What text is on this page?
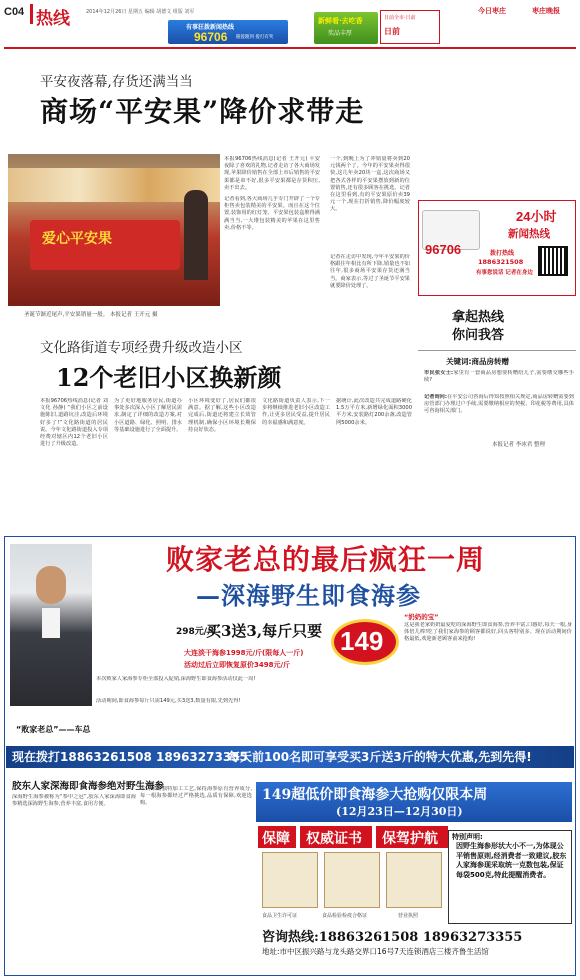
C04 热线	2014年12月26日 星期五 编辑 胡德文 组版 刘军
有事狂拨新闻热线
96706 随拨随到 拨打有奖
新鲜看·去吃香
奖品丰厚
日前全市·日前
日前
今日枣庄	枣庄晚报
平安夜落幕,存货还满当当
商场“平安果”降价求带走
爱心平安果
圣诞节渐近尾声,平安果销量一般。 本报记者 王开元 摄
本报96706热线消息(记者 王开元) 平安夜除了喜欢的礼物,记者走访了各大商场发现,苹果降价销售在全部上市后销售的平安果都是串不好,很多平安果都是存货积压,卖不出去。
记者看到,各大商场几乎专门开辟了一个专柜售卖包装精美的平安果。而且在这个位置,装饰用的红灯笼、平安果包装盒堆得满满当当,一大堆包装精美的苹果在这里售卖,价格不等。
一个,到晚上为了冲销量将卖到20元钱两个了。今年的平安果卖得很快,这几年卖20块一盒,这次商场又把各式各样的平安果摆放到新的位置销售,还有很多顾客在挑选。记者在这里看到,有的平安果原价卖39元一个,现在打折销售,降价幅度较大。
记者在走访中发现,今年平安果的价格跟往年相比有所下降,销量也不如往年,很多商场平安果存货还满当当。商家表示,等过了圣诞节平安果就要降价处理了。
96706
24小时
新闻热线
拨打热线
1886321508
有事您说话 记者在身边
拿起热线
你问我答
关键词:商品房转赠
市民张女士:家里有一套商品房想要转赠给儿子,需要缴交哪些手续?
记者询问:在平安公司咨询后得知按照相关规定,商品房转赠需要到房管部门办理过户手续,需要缴纳相应的契税、印花税等费用,具体可咨询相关部门。
本报记者 李冰君 整理
文化路街道专项经费升级改造小区
12个老旧小区换新颜
本报96706热线消息(记者 刘文化 孙静) “我们小区之前设施陈旧,道路坑洼,改造后环境好多了!”文化路街道的居民说。今年文化路街道投入专项经费对辖区内12个老旧小区进行了升级改造。
为了更好地服务居民,街道办事处多次深入小区了解居民需求,制定了详细的改造方案,对小区道路、绿化、照明、排水等基础设施进行了全面提升。
小区环境变好了,居民们都很满意。据了解,这些小区改造完成后,街道还将建立长效管理机制,确保小区环境长期保持良好状态。
文化路街道负责人表示,下一步将继续推进老旧小区改造工作,让更多居民受益,提升居民的幸福感和满意度。
据统计,此次改造共完成道路硬化1.5万平方米,新增绿化面积3000平方米,安装路灯200余盏,改造管网5000余米。
“败家老总”——车总
败家老总的最后疯狂一周
—深海野生即食海参
298元/斤
买3送3,每斤只要 149
大连淡干海参1998元/斤(限每人一斤)
活动过后立即恢复原价3498元/斤
本次败家人家海参专柜全部投入促销,深海野生即食海参活动仅此一周!
活动期间,即食海参每斤只需149元,买3送3,数量有限,先到先得!
“奶奶的宝”
这是我老家奶奶最爱吃的深海野生即食海参,营养丰富,口感好,每天一根,身体倍儿棒!吃了我们家海参的顾客都说好,回头客特别多。现在活动期间价格最低,欢迎新老顾客前来抢购!
现在拨打18863261508 18963273355
每天前100名即可享受买3斤送3斤的特大优惠,先到先得!
胶东人家深海即食海参绝对野生海参
深海野生海参被称为“参中之冠”,胶东人家深海即食海参精选深海野生海参,营养丰富,食用方便。
本店采用独特加工工艺,保持海参原有营养成分,每一根海参都经过严格挑选,品质有保障,欢迎选购。
149超低价即食海参大抢购仅限本周
(12月23日—12月30日)
保障 权威证书 保驾护航
食品卫生许可证	食品检验检疫合格证	营业执照
特别声明:
因野生海参形状大小不一,为体现公平销售原则,经消费者一致建议,胶东人家海参现采取统一克数包装,保证每袋500克,特此提醒消费者。
咨询热线:18863261508 18963273355
地址:市中区振兴路与龙头路交界口16号7天连锁酒店三楼齐鲁生活馆
